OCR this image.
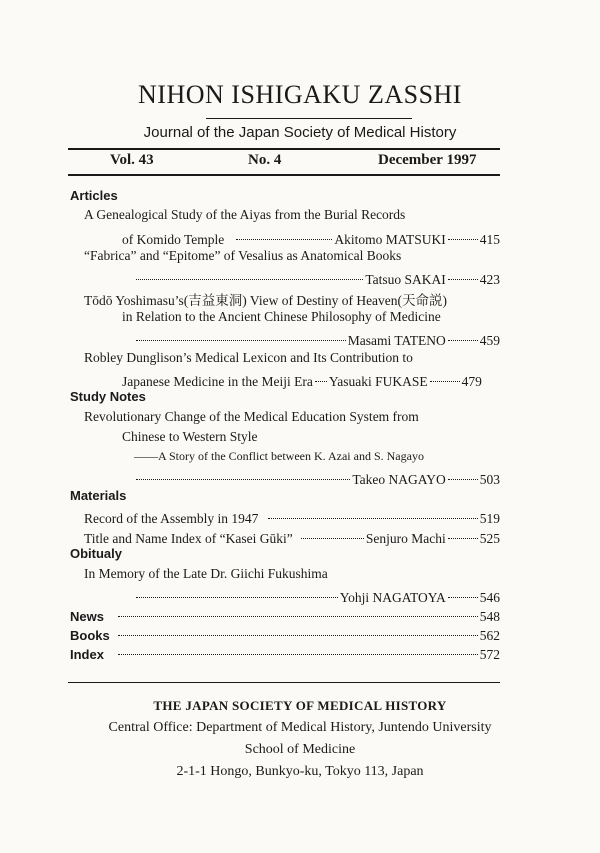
NIHON ISHIGAKU ZASSHI
Journal of the Japan Society of Medical History
Vol. 43	No. 4	December 1997
Articles
A Genealogical Study of the Aiyas from the Burial Records
of Komido Temple	Akitomo MATSUKI	415
“Fabrica” and “Epitome” of Vesalius as Anatomical Books
Tatsuo SAKAI	423
Tōdō Yoshimasu’s(吉益東洞) View of Destiny of Heaven(天命説)
in Relation to the Ancient Chinese Philosophy of Medicine
Masami TATENO	459
Robley Dunglison’s Medical Lexicon and Its Contribution to
Japanese Medicine in the Meiji Era Yasuaki FUKASE	479
Study Notes
Revolutionary Change of the Medical Education System from
Chinese to Western Style
——A Story of the Conflict between K. Azai and S. Nagayo
Takeo NAGAYO	503
Materials
Record of the Assembly in 1947	519
Title and Name Index of “Kasei Gūki”	Senjuro Machi	525
Obitualy
In Memory of the Late Dr. Giichi Fukushima
Yohji NAGATOYA	546
News	548
Books	562
Index	572
THE JAPAN SOCIETY OF MEDICAL HISTORY
Central Office: Department of Medical History, Juntendo University
School of Medicine
2-1-1 Hongo, Bunkyo-ku, Tokyo 113, Japan
